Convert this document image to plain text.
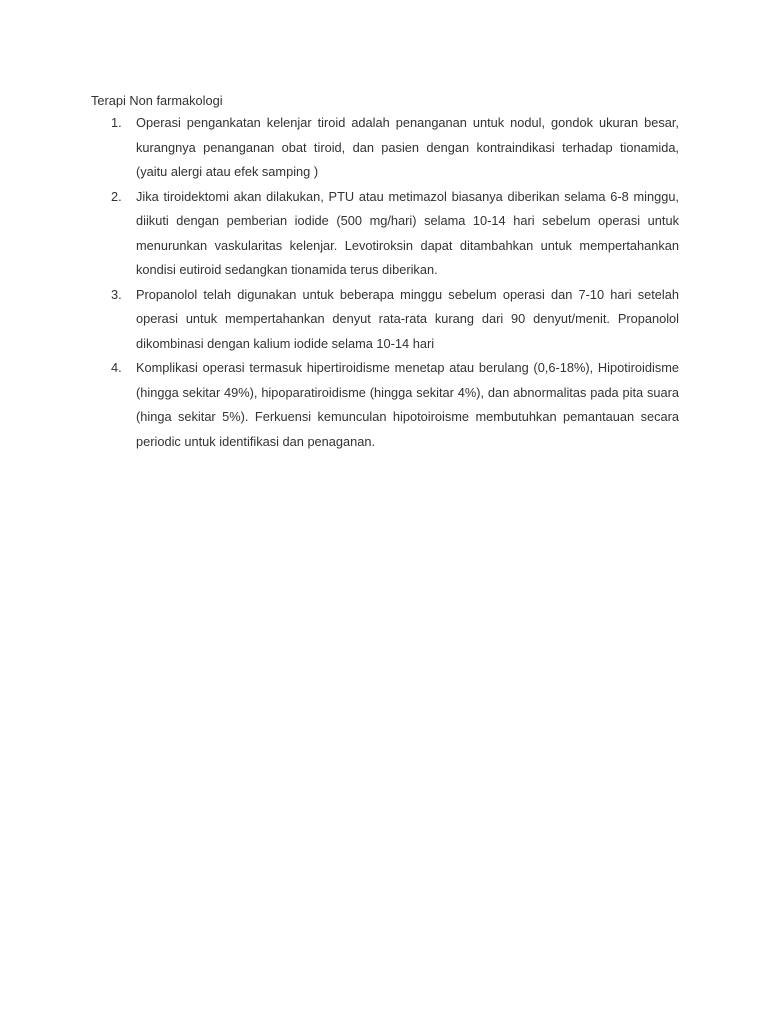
Terapi Non farmakologi
1. Operasi pengankatan kelenjar tiroid adalah penanganan untuk nodul, gondok ukuran besar, kurangnya penanganan obat tiroid, dan pasien dengan kontraindikasi terhadap tionamida, (yaitu alergi atau efek samping )
2. Jika tiroidektomi akan dilakukan, PTU atau metimazol biasanya diberikan selama 6-8 minggu, diikuti dengan pemberian iodide (500 mg/hari) selama 10-14 hari sebelum operasi untuk menurunkan vaskularitas kelenjar. Levotiroksin dapat ditambahkan untuk mempertahankan kondisi eutiroid sedangkan tionamida terus diberikan.
3. Propanolol telah digunakan untuk beberapa minggu sebelum operasi dan 7-10 hari setelah operasi untuk mempertahankan denyut rata-rata kurang dari 90 denyut/menit. Propanolol dikombinasi dengan kalium iodide selama 10-14 hari
4. Komplikasi operasi termasuk hipertiroidisme menetap atau berulang (0,6-18%), Hipotiroidisme (hingga sekitar 49%), hipoparatiroidisme (hingga sekitar 4%), dan abnormalitas pada pita suara (hinga sekitar 5%). Ferkuensi kemunculan hipotoiroisme membutuhkan pemantauan secara periodic untuk identifikasi dan penaganan.
